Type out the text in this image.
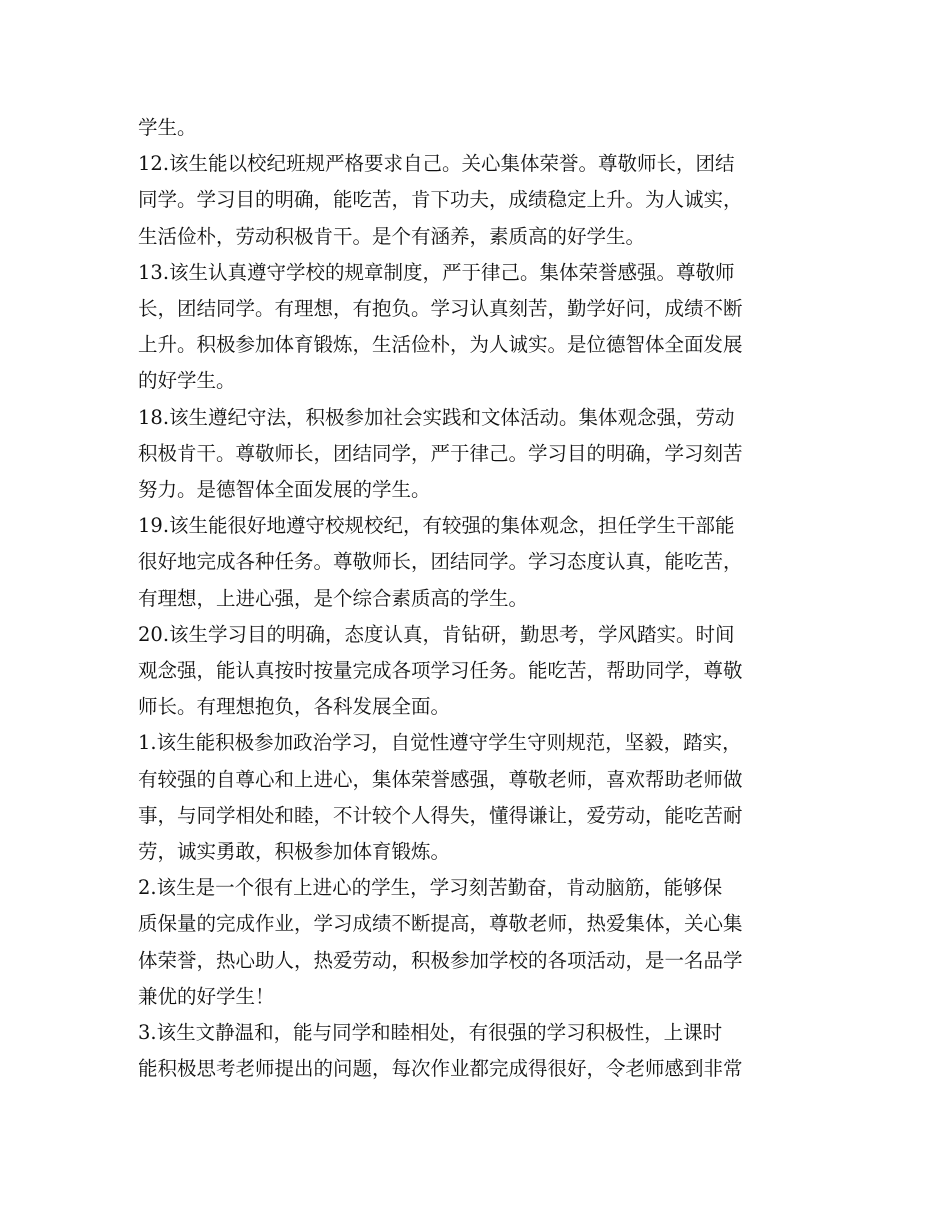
学生。
12.该生能以校纪班规严格要求自己。关心集体荣誉。尊敬师长，团结
同学。学习目的明确，能吃苦，肯下功夫，成绩稳定上升。为人诚实，
生活俭朴，劳动积极肯干。是个有涵养，素质高的好学生。
13.该生认真遵守学校的规章制度，严于律己。集体荣誉感强。尊敬师
长，团结同学。有理想，有抱负。学习认真刻苦，勤学好问，成绩不断
上升。积极参加体育锻炼，生活俭朴，为人诚实。是位德智体全面发展
的好学生。
18.该生遵纪守法，积极参加社会实践和文体活动。集体观念强，劳动
积极肯干。尊敬师长，团结同学，严于律己。学习目的明确，学习刻苦
努力。是德智体全面发展的学生。
19.该生能很好地遵守校规校纪，有较强的集体观念，担任学生干部能
很好地完成各种任务。尊敬师长，团结同学。学习态度认真，能吃苦，
有理想，上进心强，是个综合素质高的学生。
20.该生学习目的明确，态度认真，肯钻研，勤思考，学风踏实。时间
观念强，能认真按时按量完成各项学习任务。能吃苦，帮助同学，尊敬
师长。有理想抱负，各科发展全面。
1.该生能积极参加政治学习，自觉性遵守学生守则规范，坚毅，踏实，
有较强的自尊心和上进心，集体荣誉感强，尊敬老师，喜欢帮助老师做
事，与同学相处和睦，不计较个人得失，懂得谦让，爱劳动，能吃苦耐
劳，诚实勇敢，积极参加体育锻炼。
2.该生是一个很有上进心的学生，学习刻苦勤奋，肯动脑筋，能够保
质保量的完成作业，学习成绩不断提高，尊敬老师，热爱集体，关心集
体荣誉，热心助人，热爱劳动，积极参加学校的各项活动，是一名品学
兼优的好学生！
3.该生文静温和，能与同学和睦相处，有很强的学习积极性，上课时
能积极思考老师提出的问题，每次作业都完成得很好，令老师感到非常
